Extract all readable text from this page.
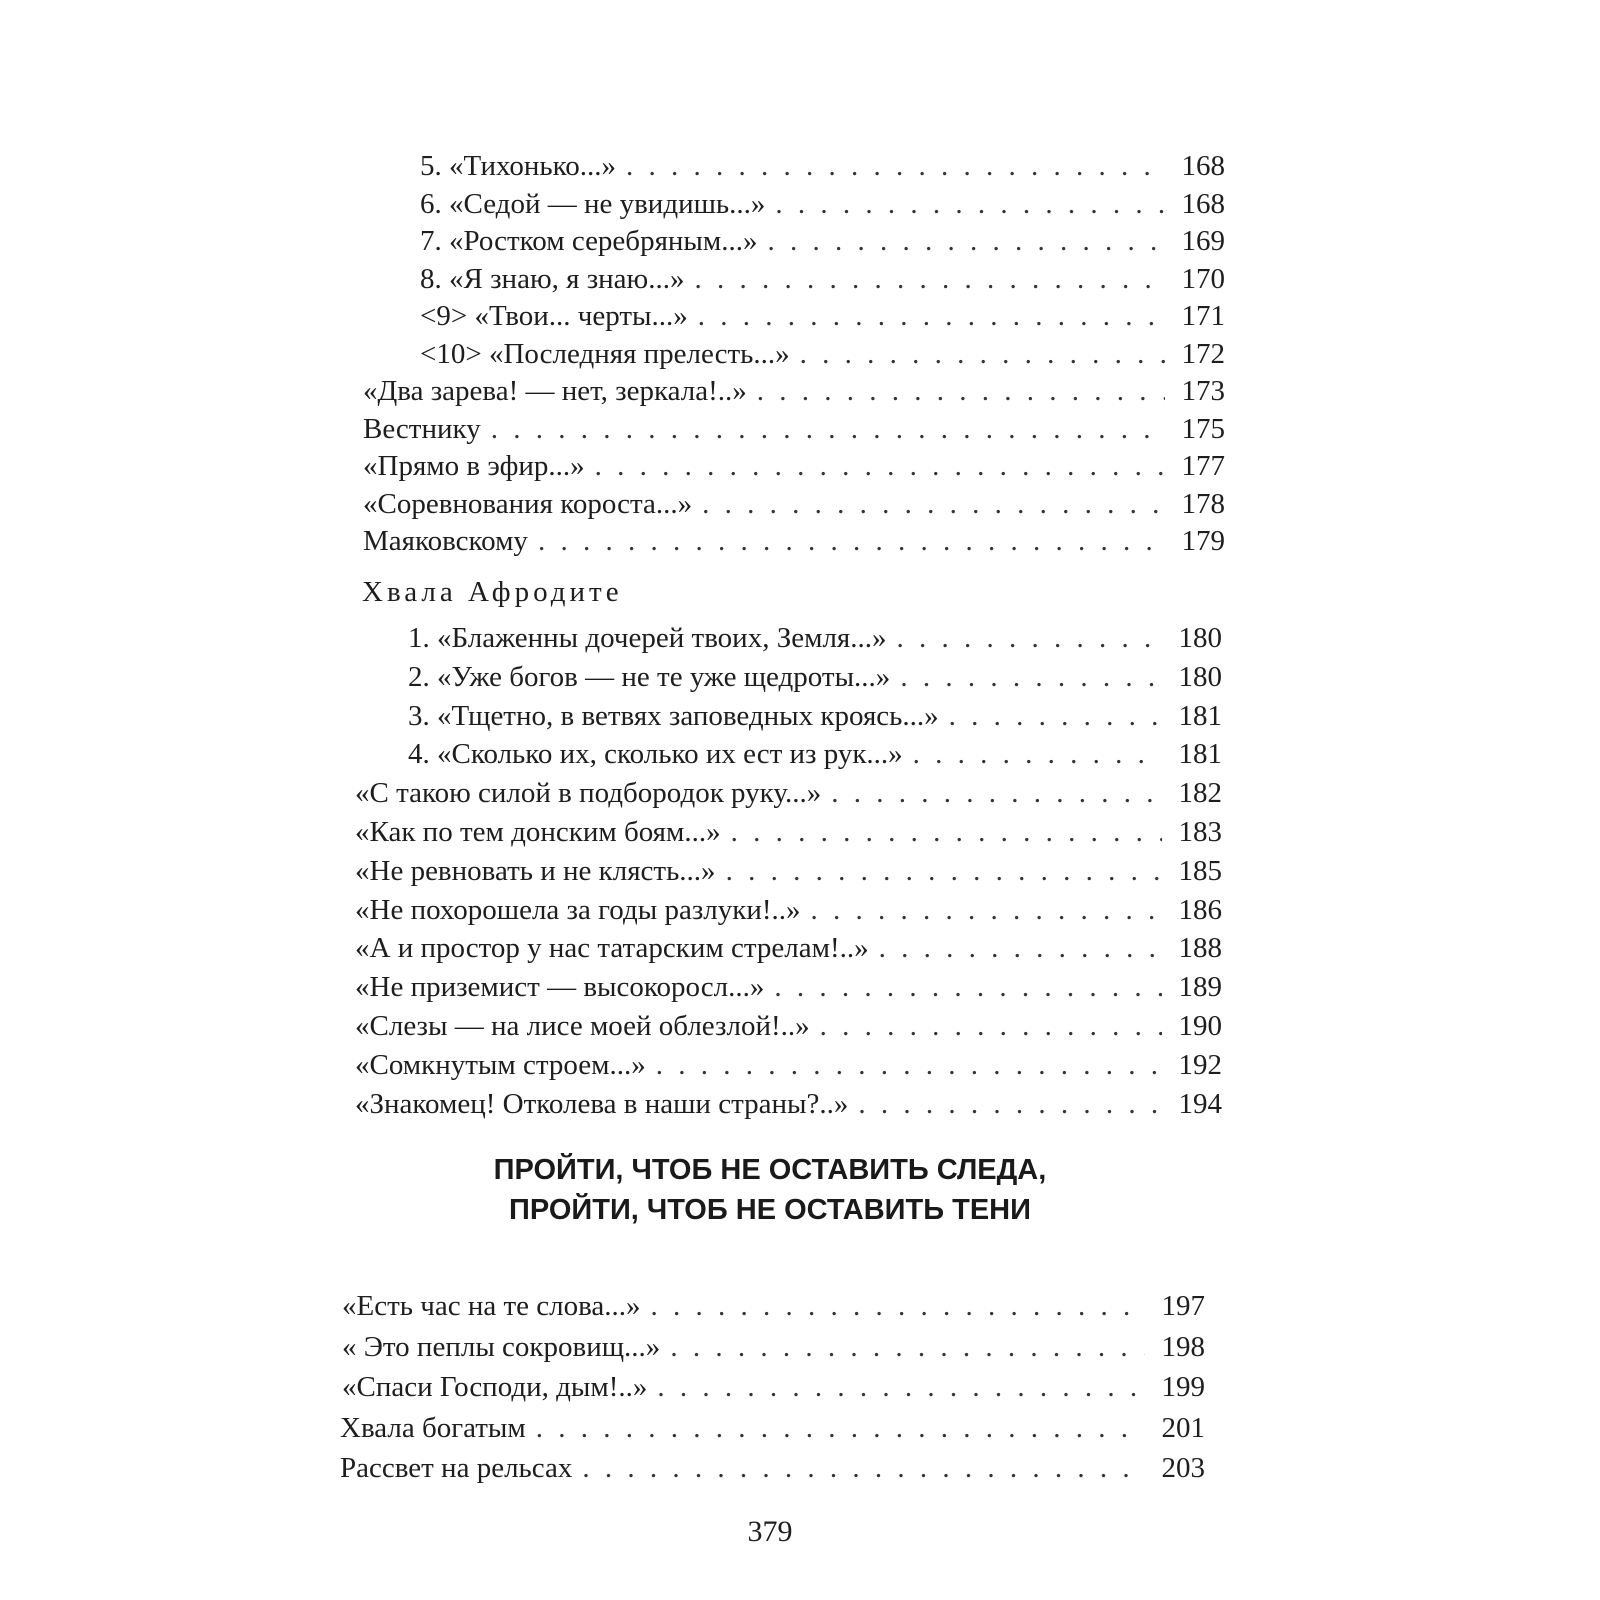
5. «Тихонько...» . . .	168
6. «Седой — не увидишь...» . . .	168
7. «Ростком серебряным...» . . .	169
8. «Я знаю, я знаю...» . . .	170
<9> «Твои... черты...» . . .	171
<10> «Последняя прелесть...» . . .	172
«Два зарева! — нет, зеркала!..» . . .	173
Вестнику . . .	175
«Прямо в эфир...» . . .	177
«Соревнования короста...» . . .	178
Маяковскому . . .	179
1. «Блаженны дочерей твоих, Земля...» . . .	180
2. «Уже богов — не те уже щедроты...» . . .	180
3. «Тщетно, в ветвях заповедных кроясь...» . . .	181
4. «Сколько их, сколько их ест из рук...» . . .	181
«С такою силой в подбородок руку...» . . .	182
«Как по тем донским боям...» . . .	183
«Не ревновать и не клясть...» . . .	185
«Не похорошела за годы разлуки!..» . . .	186
«А и простор у нас татарским стрелам!..» . . .	188
«Не приземист — высокоросл...» . . .	189
«Слезы — на лисе моей облезлой!..» . . .	190
«Сомкнутым строем...» . . .	192
«Знакомец! Отколева в наши страны?..» . . .	194
«Есть час на те слова...» . . .	197
« Это пеплы сокровищ...» . . .	198
«Спаси Господи, дым!..» . . .	199
Хвала богатым . . .	201
Рассвет на рельсах . . .	203
Хвала Афродите
ПРОЙТИ, ЧТОБ НЕ ОСТАВИТЬ СЛЕДА,
ПРОЙТИ, ЧТОБ НЕ ОСТАВИТЬ ТЕНИ
379
